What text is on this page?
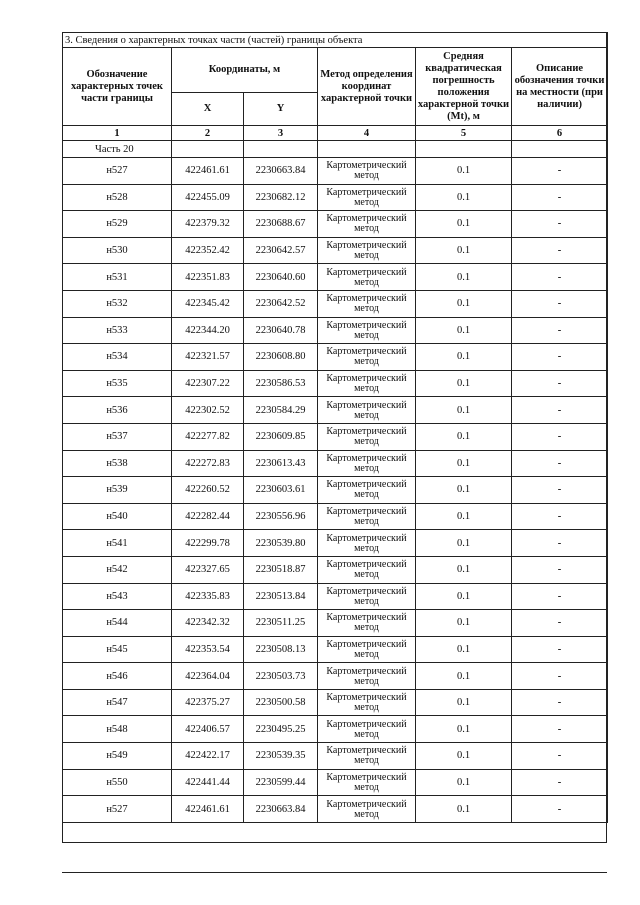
3. Сведения о характерных точках части (частей) границы объекта					
Обозначение характерных точек части границы	Координаты, м		Метод определения координат характерной точки	Средняя квадратическая погрешность положения характерной точки (Mt), м	Описание обозначения точки на местности (при наличии)
	X	Y			
1	2	3	4	5	6
Часть 20					
н527	422461.61	2230663.84	Картометрический метод	0.1	-
н528	422455.09	2230682.12	Картометрический метод	0.1	-
н529	422379.32	2230688.67	Картометрический метод	0.1	-
н530	422352.42	2230642.57	Картометрический метод	0.1	-
н531	422351.83	2230640.60	Картометрический метод	0.1	-
н532	422345.42	2230642.52	Картометрический метод	0.1	-
н533	422344.20	2230640.78	Картометрический метод	0.1	-
н534	422321.57	2230608.80	Картометрический метод	0.1	-
н535	422307.22	2230586.53	Картометрический метод	0.1	-
н536	422302.52	2230584.29	Картометрический метод	0.1	-
н537	422277.82	2230609.85	Картометрический метод	0.1	-
н538	422272.83	2230613.43	Картометрический метод	0.1	-
н539	422260.52	2230603.61	Картометрический метод	0.1	-
н540	422282.44	2230556.96	Картометрический метод	0.1	-
н541	422299.78	2230539.80	Картометрический метод	0.1	-
н542	422327.65	2230518.87	Картометрический метод	0.1	-
н543	422335.83	2230513.84	Картометрический метод	0.1	-
н544	422342.32	2230511.25	Картометрический метод	0.1	-
н545	422353.54	2230508.13	Картометрический метод	0.1	-
н546	422364.04	2230503.73	Картометрический метод	0.1	-
н547	422375.27	2230500.58	Картометрический метод	0.1	-
н548	422406.57	2230495.25	Картометрический метод	0.1	-
н549	422422.17	2230539.35	Картометрический метод	0.1	-
н550	422441.44	2230599.44	Картометрический метод	0.1	-
н527	422461.61	2230663.84	Картометрический метод	0.1	-
